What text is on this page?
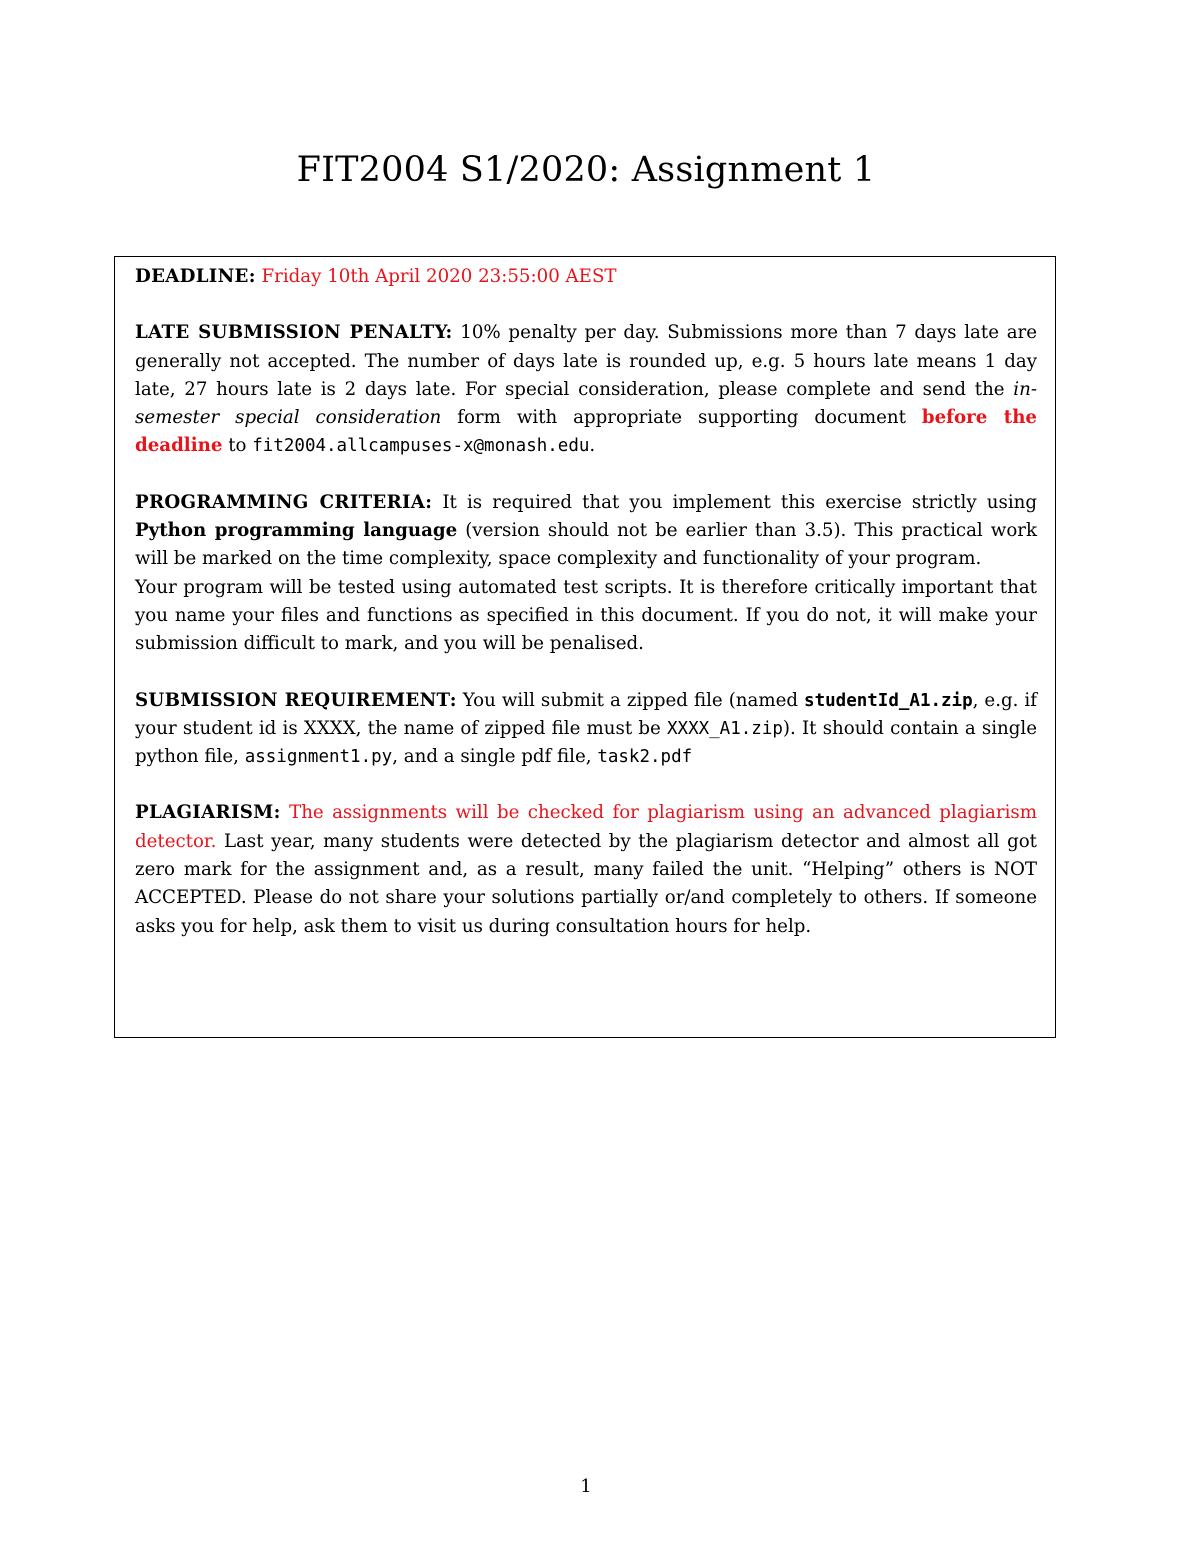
FIT2004 S1/2020: Assignment 1

DEADLINE: Friday 10th April 2020 23:55:00 AEST

LATE SUBMISSION PENALTY: 10% penalty per day. Submissions more than 7 days late are generally not accepted. The number of days late is rounded up, e.g. 5 hours late means 1 day late, 27 hours late is 2 days late. For special consideration, please complete and send the in-semester special consideration form with appropriate supporting document before the deadline to fit2004.allcampuses-x@monash.edu.

PROGRAMMING CRITERIA: It is required that you implement this exercise strictly using Python programming language (version should not be earlier than 3.5). This practical work will be marked on the time complexity, space complexity and functionality of your program.

Your program will be tested using automated test scripts. It is therefore critically important that you name your files and functions as specified in this document. If you do not, it will make your submission difficult to mark, and you will be penalised.

SUBMISSION REQUIREMENT: You will submit a zipped file (named studentId_A1.zip, e.g. if your student id is XXXX, the name of zipped file must be XXXX_A1.zip). It should contain a single python file, assignment1.py, and a single pdf file, task2.pdf

PLAGIARISM: The assignments will be checked for plagiarism using an advanced plagiarism detector. Last year, many students were detected by the plagiarism detector and almost all got zero mark for the assignment and, as a result, many failed the unit. “Helping” others is NOT ACCEPTED. Please do not share your solutions partially or/and completely to others. If someone asks you for help, ask them to visit us during consultation hours for help.

1
